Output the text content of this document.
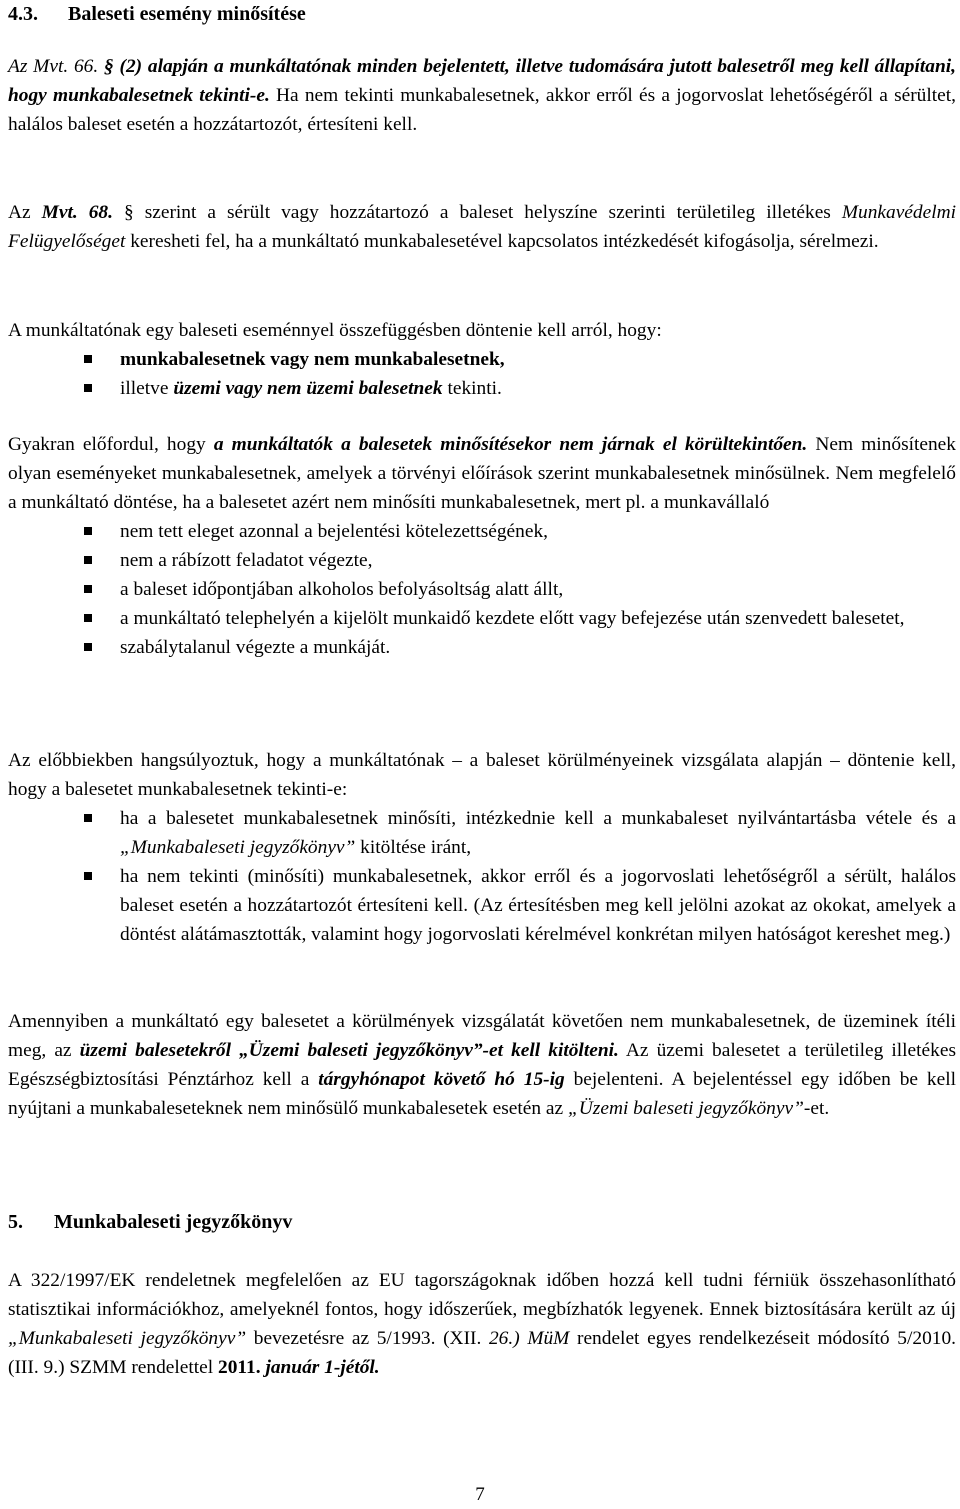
4.3. Baleseti esemény minősítése

Az Mvt. 66. § (2) alapján a munkáltatónak minden bejelentett, illetve tudomására jutott balesetről meg kell állapítani, hogy munkabalesetnek tekinti-e. Ha nem tekinti munkabalesetnek, akkor erről és a jogorvoslat lehetőségéről a sérültet, halálos baleset esetén a hozzátartozót, értesíteni kell.

Az Mvt. 68. § szerint a sérült vagy hozzátartozó a baleset helyszíne szerinti területileg illetékes Munkavédelmi Felügyelőséget keresheti fel, ha a munkáltató munkabalesetével kapcsolatos intézkedését kifogásolja, sérelmezi.

A munkáltatónak egy baleseti eseménnyel összefüggésben döntenie kell arról, hogy:

munkabalesetnek vagy nem munkabalesetnek,
illetve üzemi vagy nem üzemi balesetnek tekinti.

Gyakran előfordul, hogy a munkáltatók a balesetek minősítésekor nem járnak el körültekintően. Nem minősítenek olyan eseményeket munkabalesetnek, amelyek a törvényi előírások szerint munkabalesetnek minősülnek. Nem megfelelő a munkáltató döntése, ha a balesetet azért nem minősíti munkabalesetnek, mert pl. a munkavállaló

nem tett eleget azonnal a bejelentési kötelezettségének,
nem a rábízott feladatot végezte,
a baleset időpontjában alkoholos befolyásoltság alatt állt,
a munkáltató telephelyén a kijelölt munkaidő kezdete előtt vagy befejezése után szenvedett balesetet,
szabálytalanul végezte a munkáját.

Az előbbiekben hangsúlyoztuk, hogy a munkáltatónak – a baleset körülményeinek vizsgálata alapján – döntenie kell, hogy a balesetet munkabalesetnek tekinti-e:

ha a balesetet munkabalesetnek minősíti, intézkednie kell a munkabaleset nyilvántartásba vétele és a „Munkabaleseti jegyzőkönyv” kitöltése iránt,
ha nem tekinti (minősíti) munkabalesetnek, akkor erről és a jogorvoslati lehetőségről a sérült, halálos baleset esetén a hozzátartozót értesíteni kell. (Az értesítésben meg kell jelölni azokat az okokat, amelyek a döntést alátámasztották, valamint hogy jogorvoslati kérelmével konkrétan milyen hatóságot kereshet meg.)

Amennyiben a munkáltató egy balesetet a körülmények vizsgálatát követően nem munkabalesetnek, de üzeminek ítéli meg, az üzemi balesetekről „Üzemi baleseti jegyzőkönyv”-et kell kitölteni. Az üzemi balesetet a területileg illetékes Egészségbiztosítási Pénztárhoz kell a tárgyhónapot követő hó 15-ig bejelenteni. A bejelentéssel egy időben be kell nyújtani a munkabaleseteknek nem minősülő munkabalesetek esetén az „Üzemi baleseti jegyzőkönyv”-et.

5. Munkabaleseti jegyzőkönyv

A 322/1997/EK rendeletnek megfelelően az EU tagországoknak időben hozzá kell tudni férniük összehasonlítható statisztikai információkhoz, amelyeknél fontos, hogy időszerűek, megbízhatók legyenek. Ennek biztosítására került az új „Munkabaleseti jegyzőkönyv” bevezetésre az 5/1993. (XII. 26.) MüM rendelet egyes rendelkezéseit módosító 5/2010. (III. 9.) SZMM rendelettel 2011. január 1-jétől.

7
